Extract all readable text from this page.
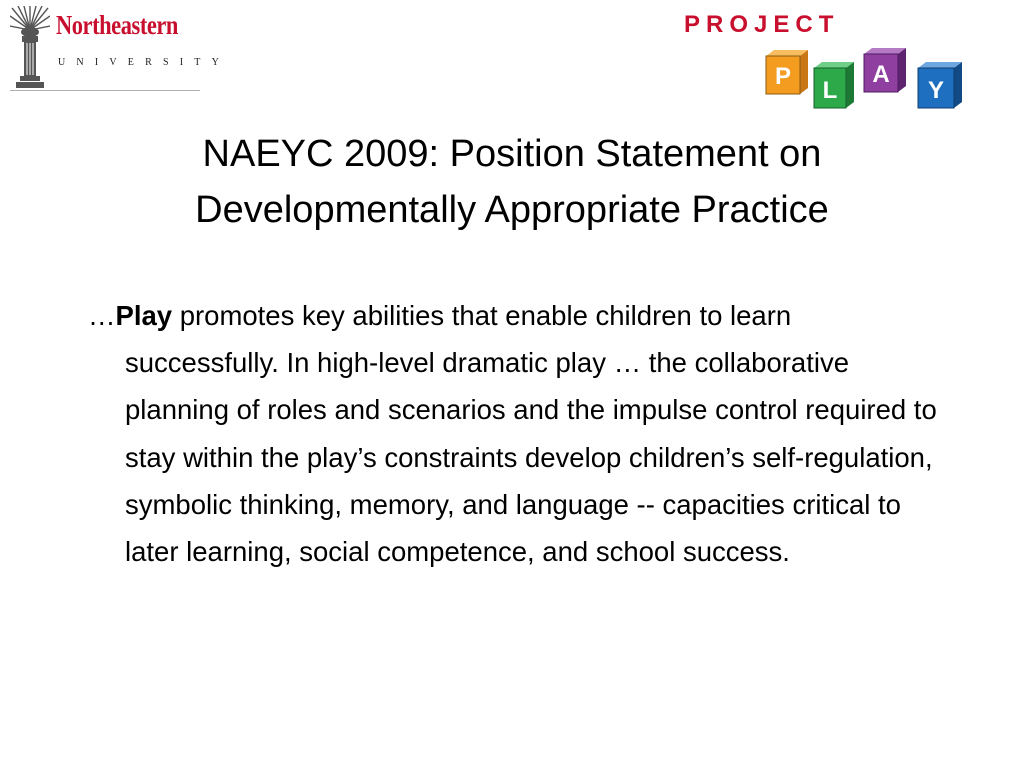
Northeastern
UNIVERSITY
PROJECT
P
L
A
Y
NAEYC 2009: Position Statement on
Developmentally Appropriate Practice
…Play promotes key abilities that enable children to learn successfully. In high-level dramatic play … the collaborative planning of roles and scenarios and the impulse control required to stay within the play’s constraints develop children’s self-regulation, symbolic thinking, memory, and language -- capacities critical to later learning, social competence, and school success.
